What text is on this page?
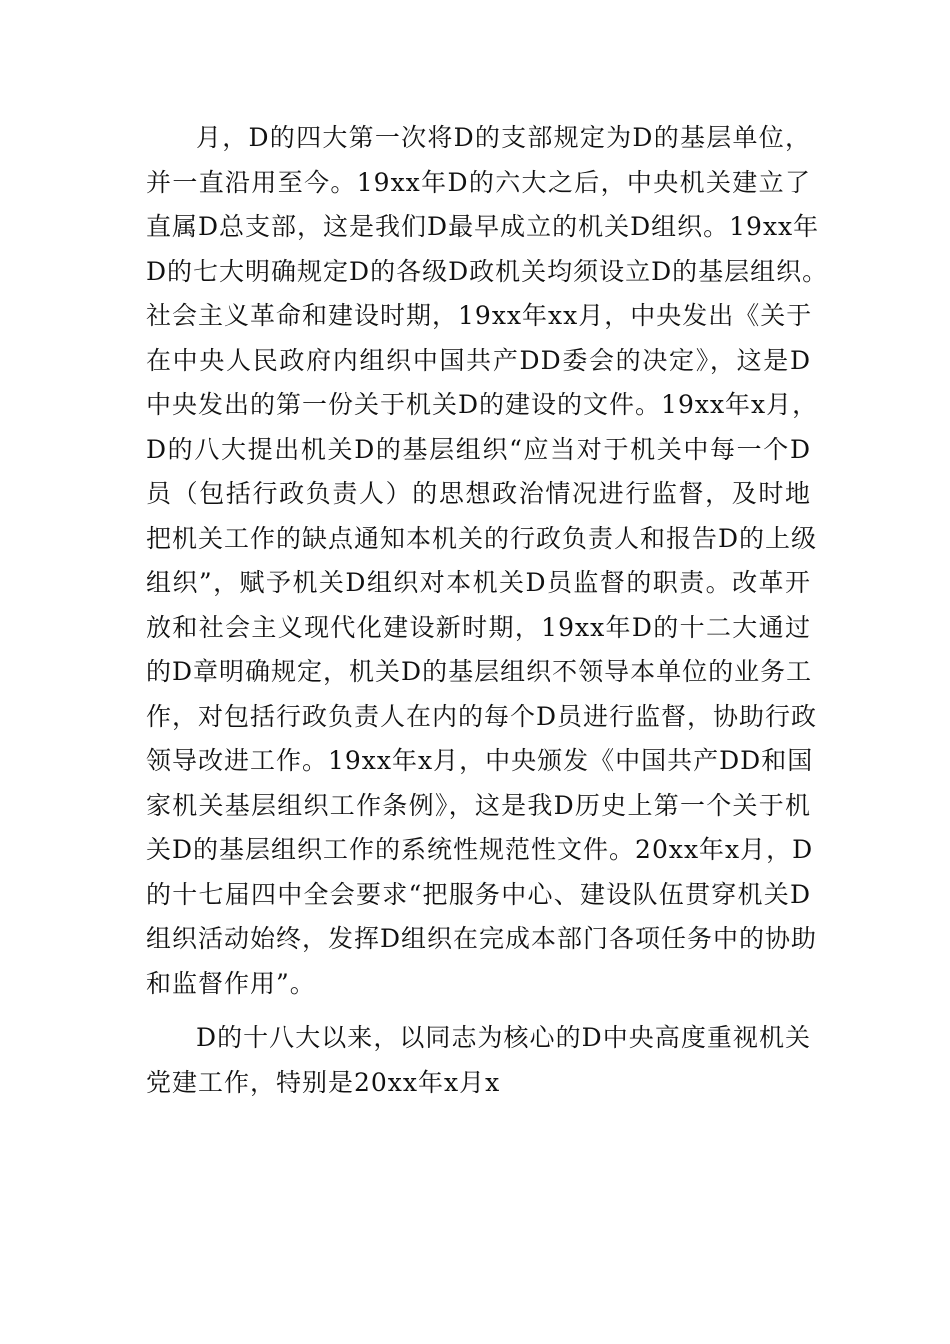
月，D的四大第一次将D的支部规定为D的基层单位，
并一直沿用至今。19xx年D的六大之后，中央机关建立了
直属D总支部，这是我们D最早成立的机关D组织。19xx年
D的七大明确规定D的各级D政机关均须设立D的基层组织。
社会主义革命和建设时期，19xx年xx月，中央发出《关于
在中央人民政府内组织中国共产DD委会的决定》，这是D
中央发出的第一份关于机关D的建设的文件。19xx年x月，
D的八大提出机关D的基层组织“应当对于机关中每一个D
员（包括行政负责人）的思想政治情况进行监督，及时地
把机关工作的缺点通知本机关的行政负责人和报告D的上级
组织”，赋予机关D组织对本机关D员监督的职责。改革开
放和社会主义现代化建设新时期，19xx年D的十二大通过
的D章明确规定，机关D的基层组织不领导本单位的业务工
作，对包括行政负责人在内的每个D员进行监督，协助行政
领导改进工作。19xx年x月，中央颁发《中国共产DD和国
家机关基层组织工作条例》，这是我D历史上第一个关于机
关D的基层组织工作的系统性规范性文件。20xx年x月，D
的十七届四中全会要求“把服务中心、建设队伍贯穿机关D
组织活动始终，发挥D组织在完成本部门各项任务中的协助
和监督作用”。
D的十八大以来，以同志为核心的D中央高度重视机关
党建工作，特别是20xx年x月x
